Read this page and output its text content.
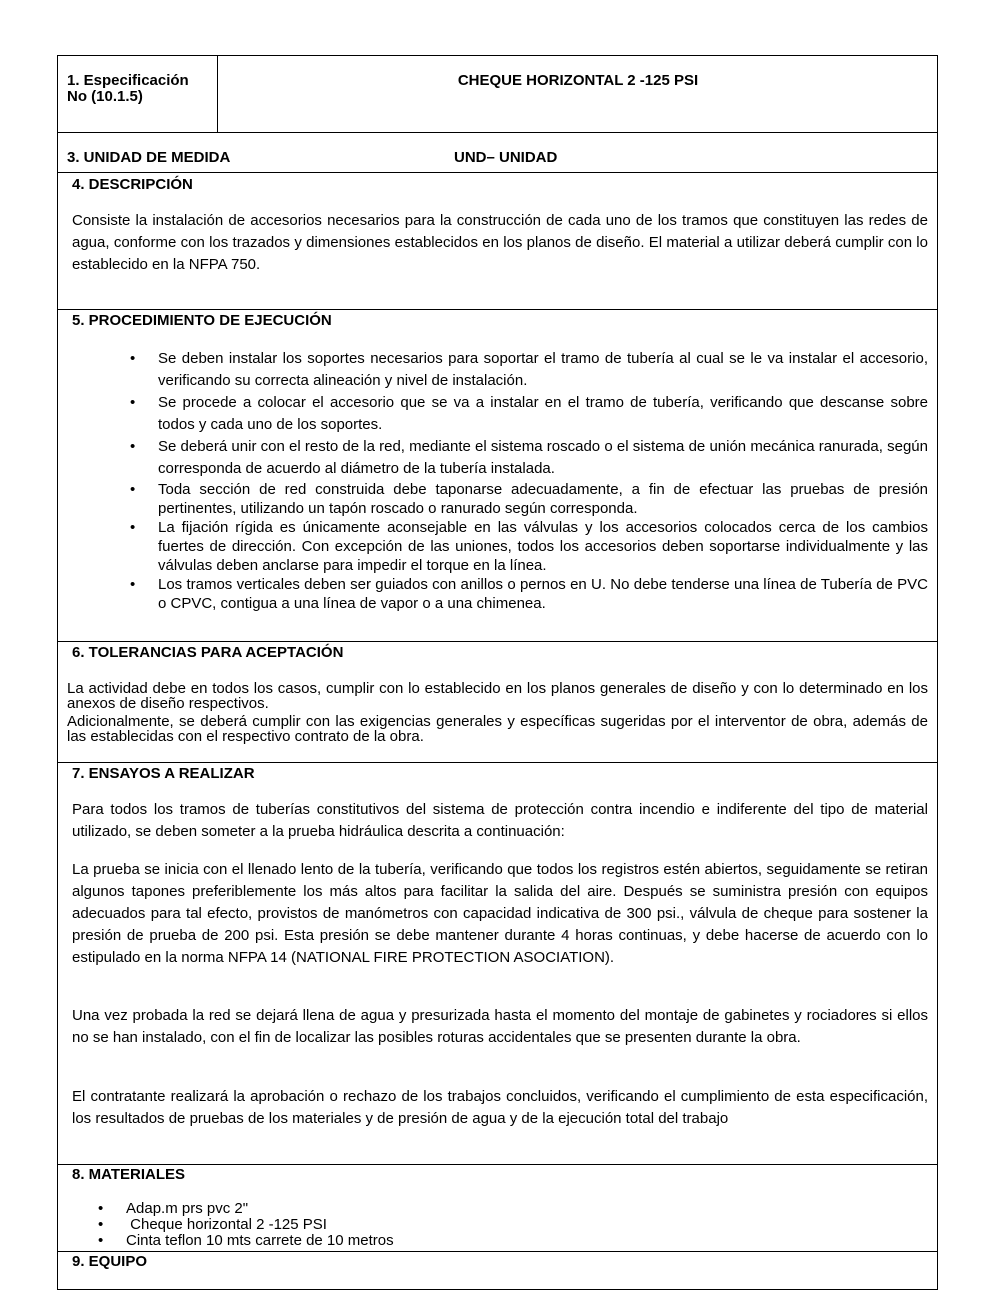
1. Especificación
No (10.1.5)
CHEQUE HORIZONTAL 2 -125 PSI
3. UNIDAD DE MEDIDA	UND– UNIDAD
4. DESCRIPCIÓN
Consiste la instalación de accesorios necesarios para la construcción de cada uno de los tramos que constituyen las redes de agua, conforme con los trazados y dimensiones establecidos en los planos de diseño. El material a utilizar deberá cumplir con lo establecido en la NFPA 750.
5. PROCEDIMIENTO DE EJECUCIÓN
• Se deben instalar los soportes necesarios para soportar el tramo de tubería al cual se le va instalar el accesorio, verificando su correcta alineación y nivel de instalación.
• Se procede a colocar el accesorio que se va a instalar en el tramo de tubería, verificando que descanse sobre todos y cada uno de los soportes.
• Se deberá unir con el resto de la red, mediante el sistema roscado o el sistema de unión mecánica ranurada, según corresponda de acuerdo al diámetro de la tubería instalada.
• Toda sección de red construida debe taponarse adecuadamente, a fin de efectuar las pruebas de presión pertinentes, utilizando un tapón roscado o ranurado según corresponda.
• La fijación rígida es únicamente aconsejable en las válvulas y los accesorios colocados cerca de los cambios fuertes de dirección. Con excepción de las uniones, todos los accesorios deben soportarse individualmente y las válvulas deben anclarse para impedir el torque en la línea.
• Los tramos verticales deben ser guiados con anillos o pernos en U. No debe tenderse una línea de Tubería de PVC o CPVC, contigua a una línea de vapor o a una chimenea.
6. TOLERANCIAS PARA ACEPTACIÓN
La actividad debe en todos los casos, cumplir con lo establecido en los planos generales de diseño y con lo determinado en los anexos de diseño respectivos.
Adicionalmente, se deberá cumplir con las exigencias generales y específicas sugeridas por el interventor de obra, además de las establecidas con el respectivo contrato de la obra.
7. ENSAYOS A REALIZAR
Para todos los tramos de tuberías constitutivos del sistema de protección contra incendio e indiferente del tipo de material utilizado, se deben someter a la prueba hidráulica descrita a continuación:
La prueba se inicia con el llenado lento de la tubería, verificando que todos los registros estén abiertos, seguidamente se retiran algunos tapones preferiblemente los más altos para facilitar la salida del aire. Después se suministra presión con equipos adecuados para tal efecto, provistos de manómetros con capacidad indicativa de 300 psi., válvula de cheque para sostener la presión de prueba de 200 psi. Esta presión se debe mantener durante 4 horas continuas, y debe hacerse de acuerdo con lo estipulado en la norma NFPA 14 (NATIONAL FIRE PROTECTION ASOCIATION).
Una vez probada la red se dejará llena de agua y presurizada hasta el momento del montaje de gabinetes y rociadores si ellos no se han instalado, con el fin de localizar las posibles roturas accidentales que se presenten durante la obra.
El contratante realizará la aprobación o rechazo de los trabajos concluidos, verificando el cumplimiento de esta especificación, los resultados de pruebas de los materiales y de presión de agua y de la ejecución total del trabajo
8. MATERIALES
• Adap.m prs pvc 2"
• Cheque horizontal 2 -125 PSI
• Cinta teflon 10 mts carrete de 10 metros
9. EQUIPO
